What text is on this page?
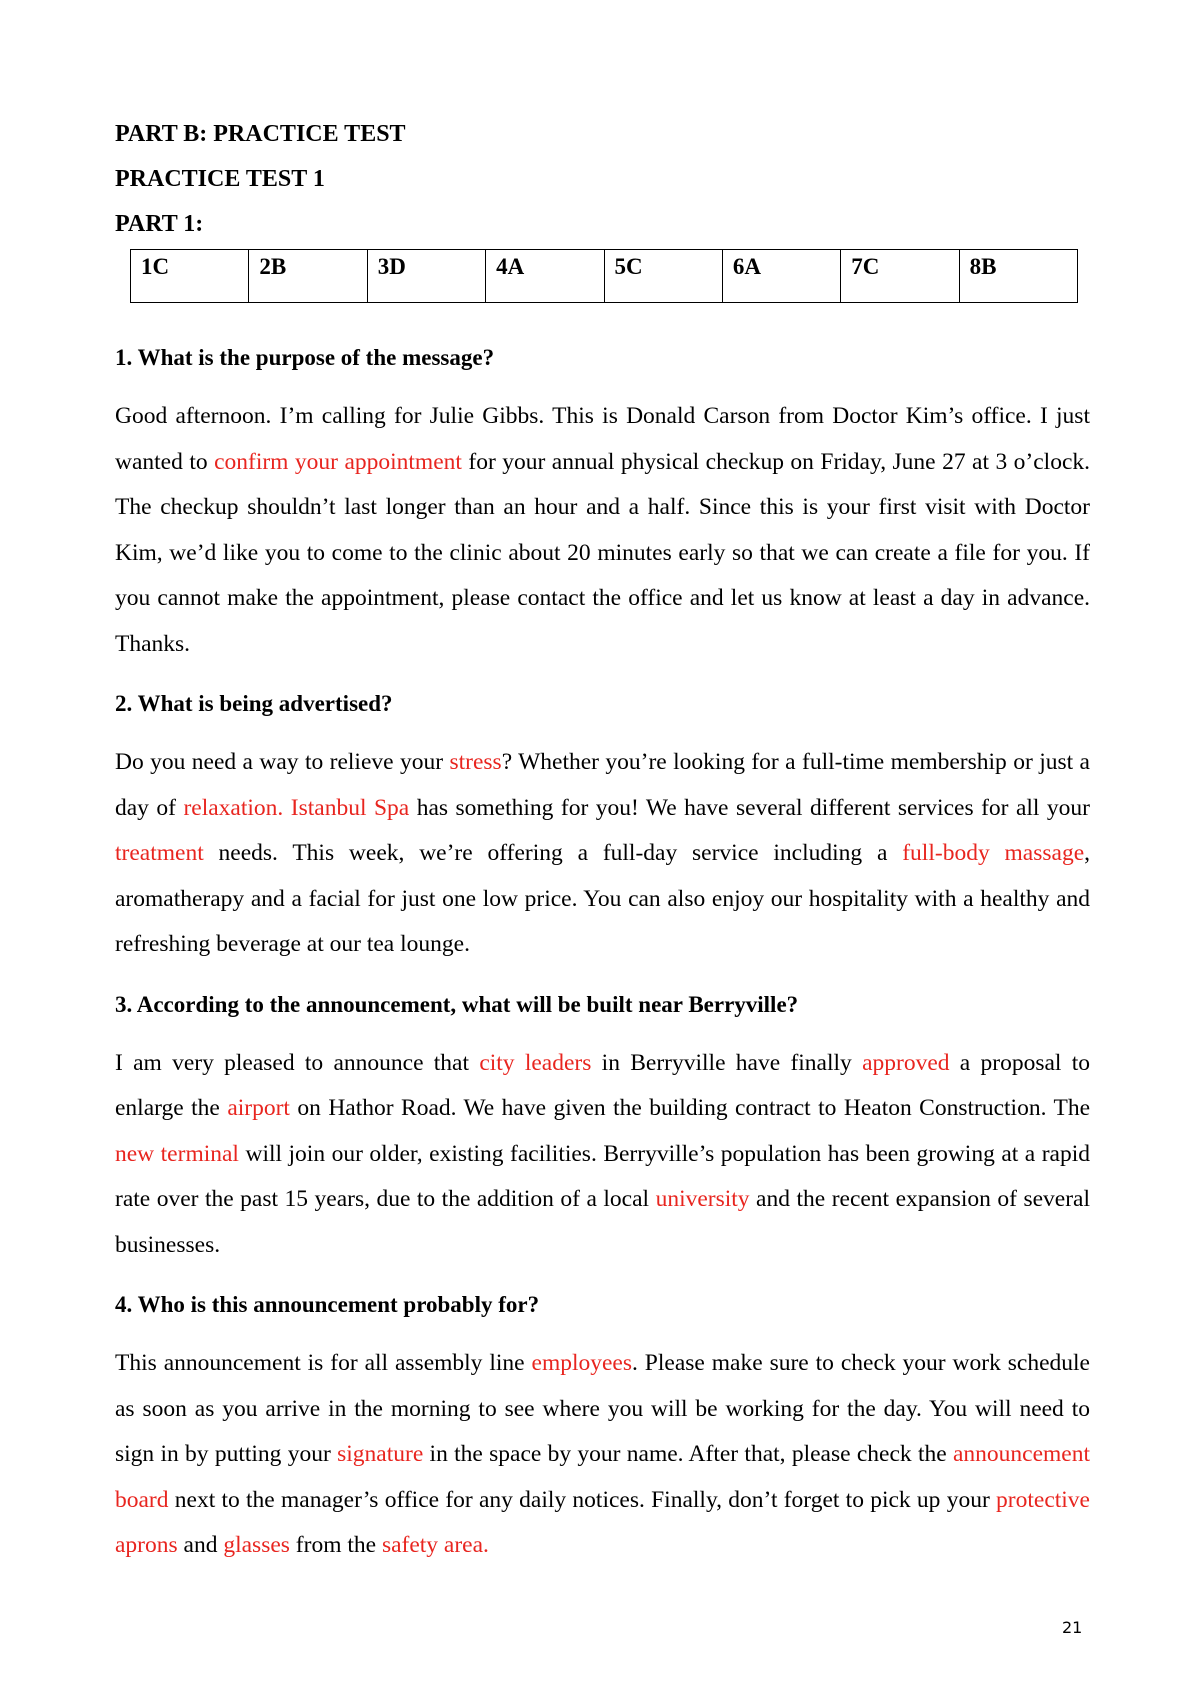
PART B: PRACTICE TEST

PRACTICE TEST 1

PART 1:

1C	2B	3D	4A	5C	6A	7C	8B

1. What is the purpose of the message?

Good afternoon. I’m calling for Julie Gibbs. This is Donald Carson from Doctor Kim’s office. I just wanted to confirm your appointment for your annual physical checkup on Friday, June 27 at 3 o’clock. The checkup shouldn’t last longer than an hour and a half. Since this is your first visit with Doctor Kim, we’d like you to come to the clinic about 20 minutes early so that we can create a file for you. If you cannot make the appointment, please contact the office and let us know at least a day in advance. Thanks.

2. What is being advertised?

Do you need a way to relieve your stress? Whether you’re looking for a full-time membership or just a day of relaxation. Istanbul Spa has something for you! We have several different services for all your treatment needs. This week, we’re offering a full-day service including a full-body massage, aromatherapy and a facial for just one low price. You can also enjoy our hospitality with a healthy and refreshing beverage at our tea lounge.

3. According to the announcement, what will be built near Berryville?

I am very pleased to announce that city leaders in Berryville have finally approved a proposal to enlarge the airport on Hathor Road. We have given the building contract to Heaton Construction. The new terminal will join our older, existing facilities. Berryville’s population has been growing at a rapid rate over the past 15 years, due to the addition of a local university and the recent expansion of several businesses.

4. Who is this announcement probably for?

This announcement is for all assembly line employees. Please make sure to check your work schedule as soon as you arrive in the morning to see where you will be working for the day. You will need to sign in by putting your signature in the space by your name. After that, please check the announcement board next to the manager’s office for any daily notices. Finally, don’t forget to pick up your protective aprons and glasses from the safety area.

21
